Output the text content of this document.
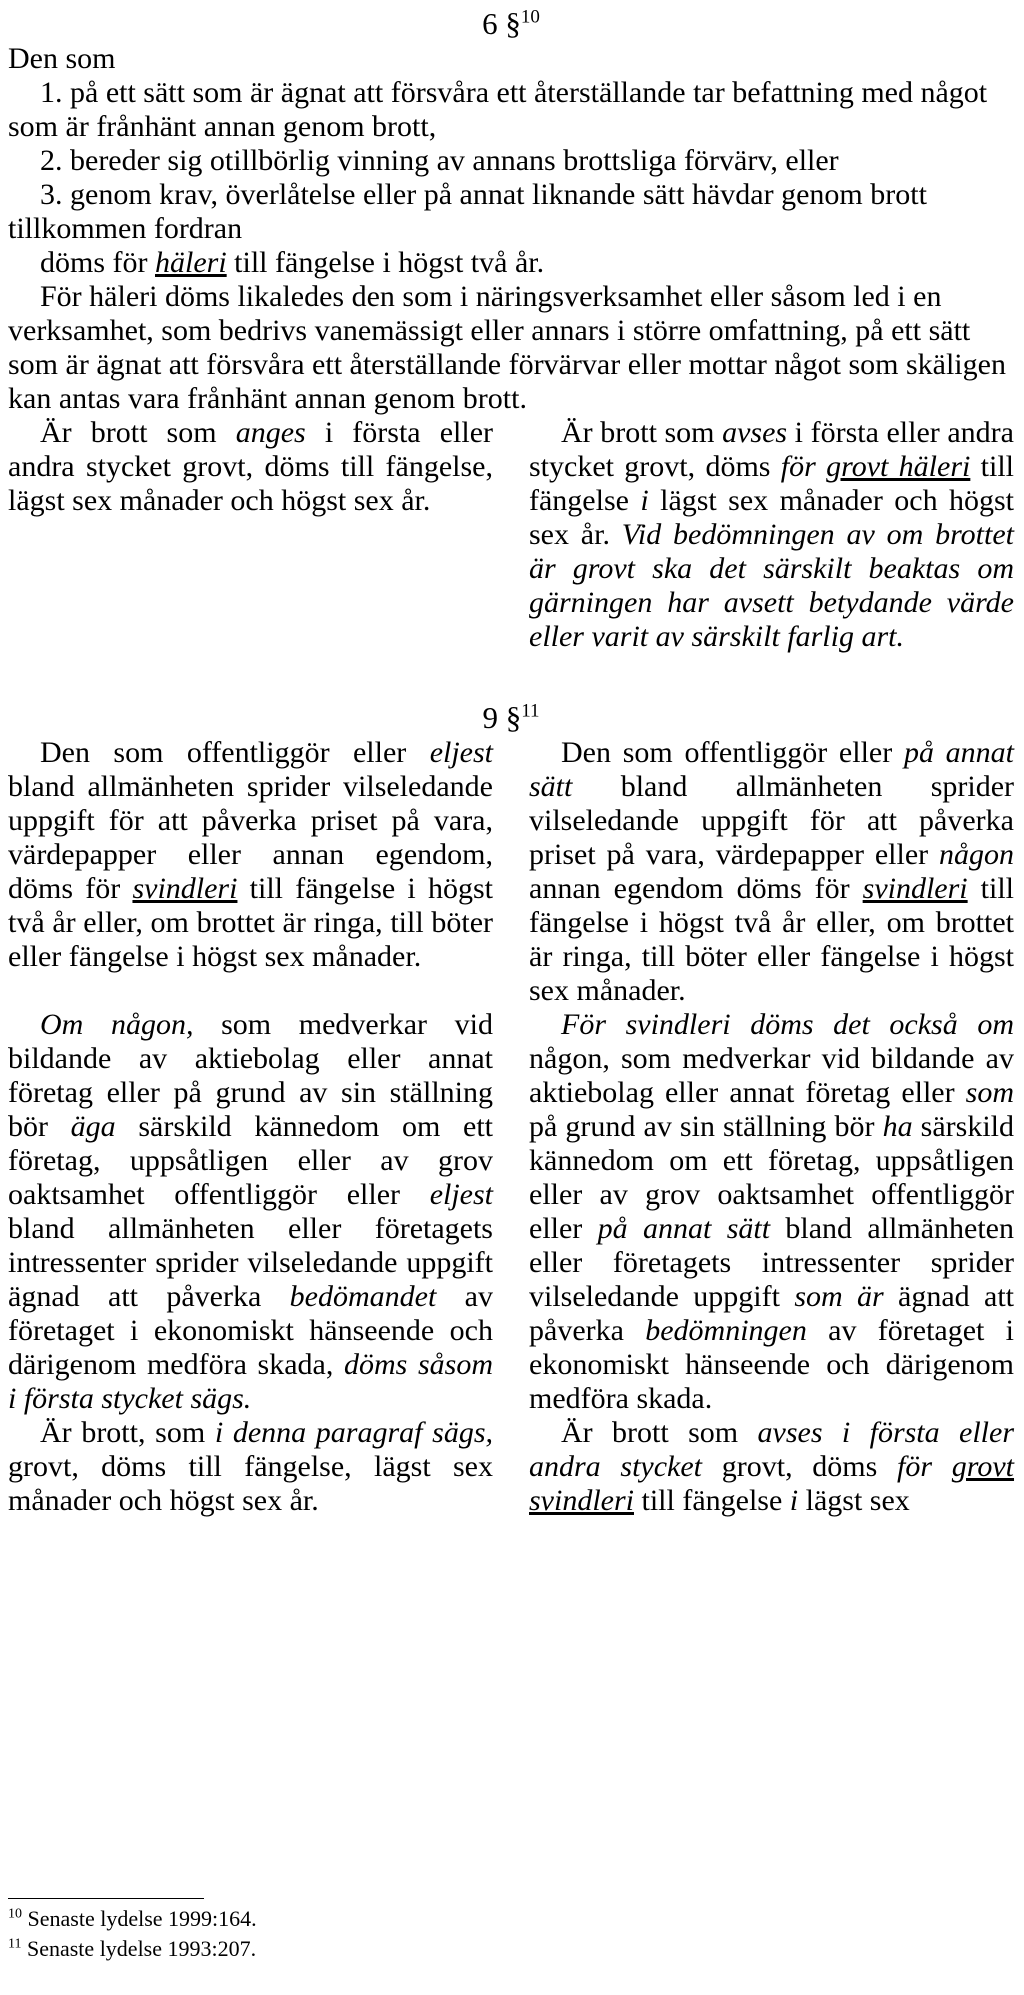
6 §$^{10}$

Den som

1. på ett sätt som är ägnat att försvåra ett återställande tar befattning med något som är frånhänt annan genom brott,

2. bereder sig otillbörlig vinning av annans brottsliga förvärv, eller

3. genom krav, överlåtelse eller på annat liknande sätt hävdar genom brott tillkommen fordran

döms för häleri till fängelse i högst två år.

För häleri döms likaledes den som i näringsverksamhet eller såsom led i en verksamhet, som bedrivs vanemässigt eller annars i större omfattning, på ett sätt som är ägnat att försvåra ett återställande förvärvar eller mottar något som skäligen kan antas vara frånhänt annan genom brott.

Är brott som anges i första eller andra stycket grovt, döms till fängelse, lägst sex månader och högst sex år.

Är brott som avses i första eller andra stycket grovt, döms för grovt häleri till fängelse i lägst sex månader och högst sex år. Vid bedömningen av om brottet är grovt ska det särskilt beaktas om gärningen har avsett betydande värde eller varit av särskilt farlig art.

9 §$^{11}$

Den som offentliggör eller eljest bland allmänheten sprider vilseledande uppgift för att påverka priset på vara, värdepapper eller annan egendom, döms för svindleri till fängelse i högst två år eller, om brottet är ringa, till böter eller fängelse i högst sex månader.

Om någon, som medverkar vid bildande av aktiebolag eller annat företag eller på grund av sin ställning bör äga särskild kännedom om ett företag, uppsåtligen eller av grov oaktsamhet offentliggör eller eljest bland allmänheten eller företagets intressenter sprider vilseledande uppgift ägnad att påverka bedömandet av företaget i ekonomiskt hänseende och därigenom medföra skada, döms såsom i första stycket sägs.

Är brott, som i denna paragraf sägs, grovt, döms till fängelse, lägst sex månader och högst sex år.

Den som offentliggör eller på annat sätt bland allmänheten sprider vilseledande uppgift för att påverka priset på vara, värdepapper eller någon annan egendom döms för svindleri till fängelse i högst två år eller, om brottet är ringa, till böter eller fängelse i högst sex månader.

För svindleri döms det också om någon, som medverkar vid bildande av aktiebolag eller annat företag eller som på grund av sin ställning bör ha särskild kännedom om ett företag, uppsåtligen eller av grov oaktsamhet offentliggör eller på annat sätt bland allmänheten eller företagets intressenter sprider vilseledande uppgift som är ägnad att påverka bedömningen av företaget i ekonomiskt hänseende och därigenom medföra skada.

Är brott som avses i första eller andra stycket grovt, döms för grovt svindleri till fängelse i lägst sex

$^{10}$ Senaste lydelse 1999:164.
$^{11}$ Senaste lydelse 1993:207.
